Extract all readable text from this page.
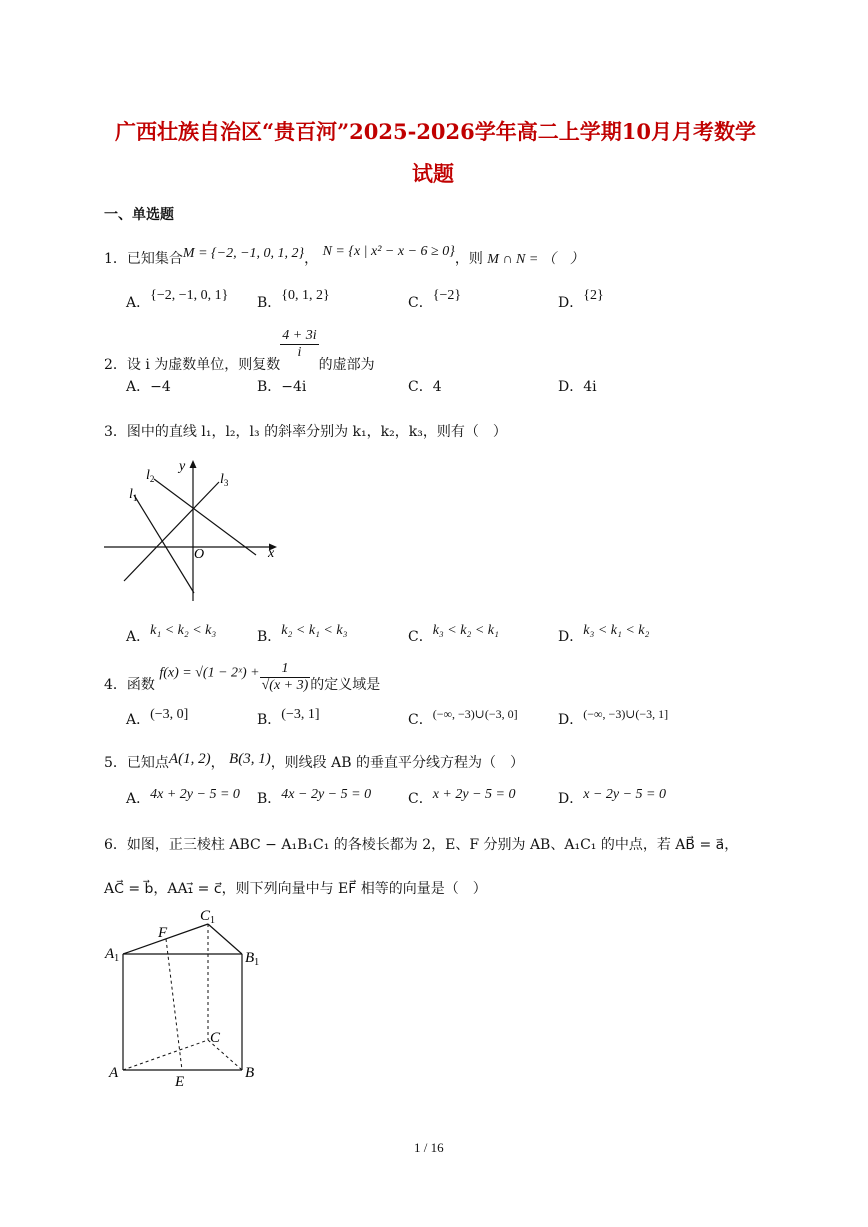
广西壮族自治区“贵百河”2025-2026学年高二上学期10月月考数学
试题
一、单选题
1．已知集合M = {−2, −1, 0, 1, 2}， N = {x | x² − x − 6 ≥ 0}，则 M ∩ N = （　）
A．{−2, −1, 0, 1} B．{0, 1, 2}	C．{−2}	D．{2}
2．设 i 为虚数单位，则复数
$\frac{4 + 3i}{i}$
的虚部为
A．−4	B．−4i	C．4	D．4i
3．图中的直线 l₁，l₂，l₃ 的斜率分别为 k₁，k₂，k₃，则有（　）
y
x
O
$l_1$
$l_2$	$l_3$
A．k₁ < k₂ < k₃	B．k₂ < k₁ < k₃	C．k₃ < k₂ < k₁	D．k₃ < k₁ < k₂
4．函数 f(x) = √(1 − 2ˣ) + $\frac{1}{√(x + 3)}$ 的定义域是
A．(−3, 0]	B．(−3, 1]	C．(−∞, −3)∪(−3, 0]	D．(−∞, −3)∪(−3, 1]
5．已知点A(1, 2)， B(3, 1)，则线段 AB 的垂直平分线方程为（　）
A．4x + 2y − 5 = 0 B．4x − 2y − 5 = 0	C．x + 2y − 5 = 0	D．x − 2y − 5 = 0
6．如图，正三棱柱 ABC − A₁B₁C₁ 的各棱长都为 2，E、F 分别为 AB、A₁C₁ 的中点，若 AB⃗ = a⃗，
AC⃗ = b⃗，AA₁⃗ = c⃗，则下列向量中与 EF⃗ 相等的向量是（　）
$A_1$	$B_1$
$C_1$
F
C
A	B
E
1 / 16
